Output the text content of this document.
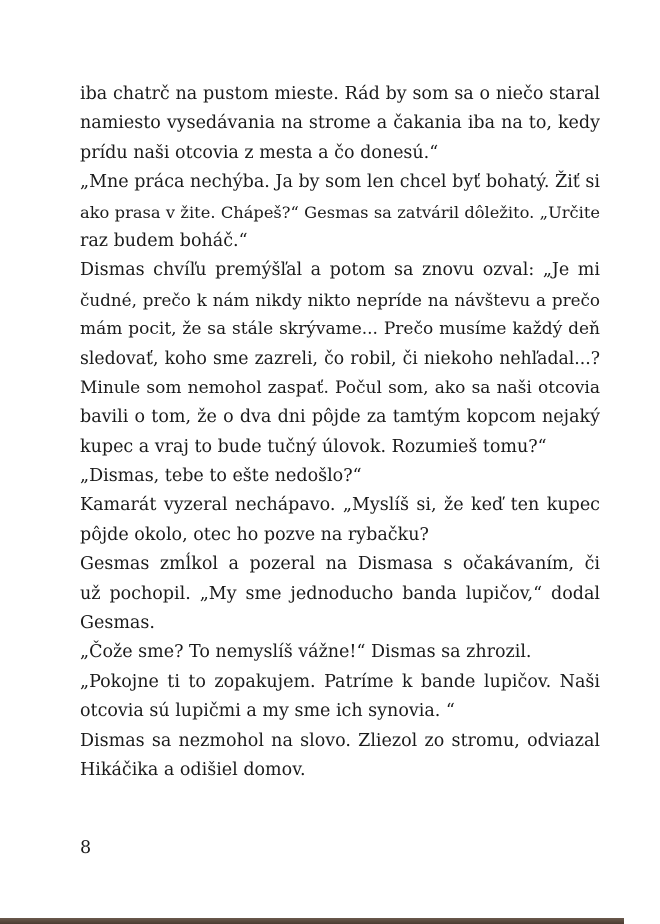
iba chatrč na pustom mieste. Rád by som sa o niečo staral
namiesto vysedávania na strome a čakania iba na to, kedy
prídu naši otcovia z mesta a čo donesú.“
„Mne práca nechýba. Ja by som len chcel byť bohatý. Žiť si
ako prasa v žite. Chápeš?“ Gesmas sa zatváril dôležito. „Určite
raz budem boháč.“
Dismas chvíľu premýšľal a potom sa znovu ozval: „Je mi
čudné, prečo k nám nikdy nikto nepríde na návštevu a prečo
mám pocit, že sa stále skrývame... Prečo musíme každý deň
sledovať, koho sme zazreli, čo robil, či niekoho nehľadal...?
Minule som nemohol zaspať. Počul som, ako sa naši otcovia
bavili o tom, že o dva dni pôjde za tamtým kopcom nejaký
kupec a vraj to bude tučný úlovok. Rozumieš tomu?“
„Dismas, tebe to ešte nedošlo?“
Kamarát vyzeral nechápavo. „Myslíš si, že keď ten kupec
pôjde okolo, otec ho pozve na rybačku?
Gesmas zmĺkol a pozeral na Dismasa s očakávaním, či
už pochopil. „My sme jednoducho banda lupičov,“ dodal
Gesmas.
„Čože sme? To nemyslíš vážne!“ Dismas sa zhrozil.
„Pokojne ti to zopakujem. Patríme k bande lupičov. Naši
otcovia sú lupičmi a my sme ich synovia. “
Dismas sa nezmohol na slovo. Zliezol zo stromu, odviazal
Hikáčika a odišiel domov.
8
